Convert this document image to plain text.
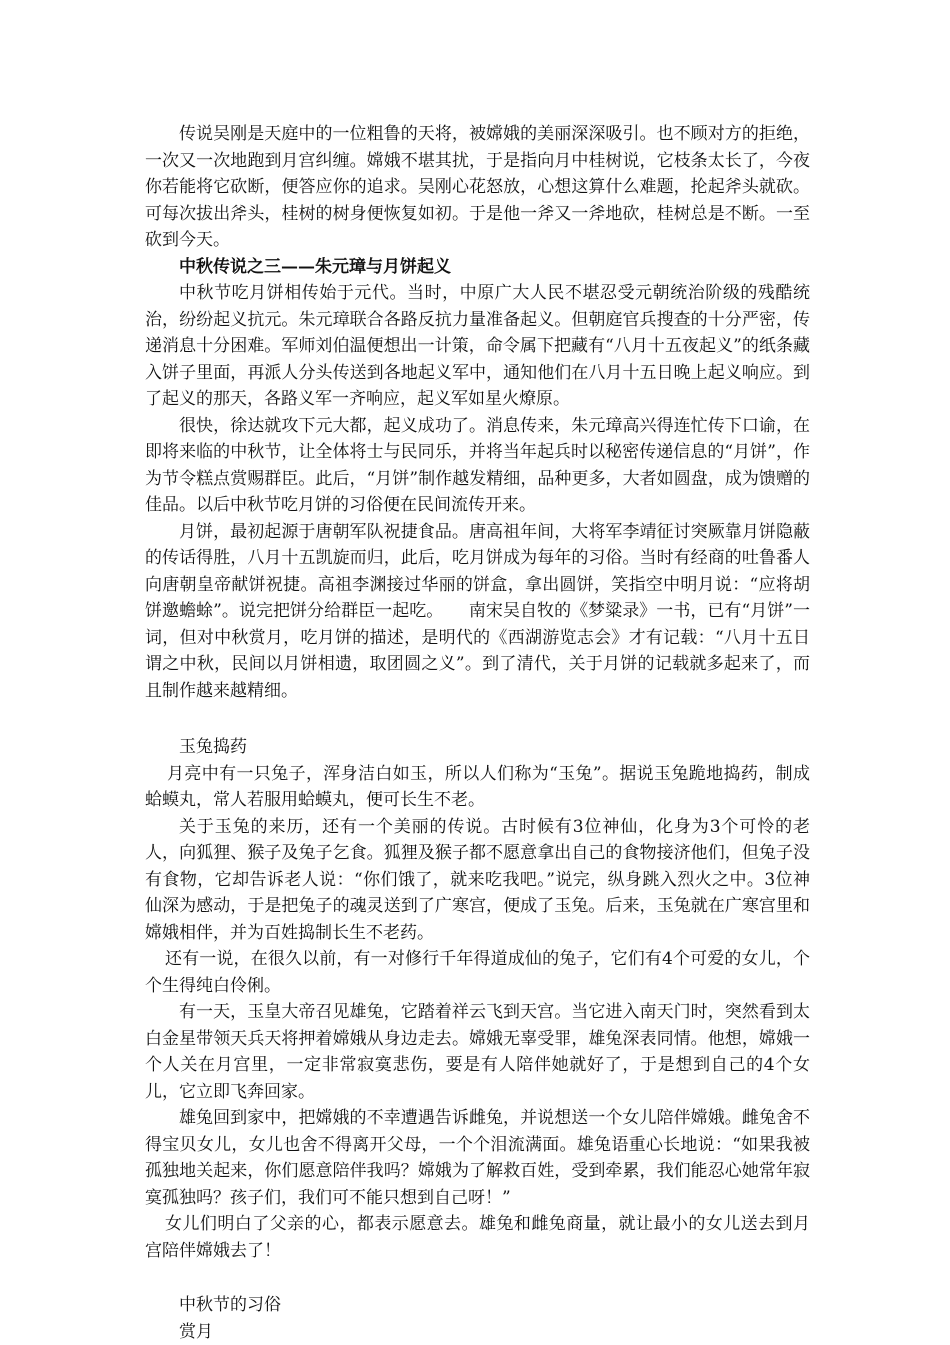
传说吴刚是天庭中的一位粗鲁的天将，被嫦娥的美丽深深吸引。也不顾对方的拒绝，一次又一次地跑到月宫纠缠。嫦娥不堪其扰，于是指向月中桂树说，它枝条太长了，今夜你若能将它砍断，便答应你的追求。吴刚心花怒放，心想这算什么难题，抡起斧头就砍。可每次拔出斧头，桂树的树身便恢复如初。于是他一斧又一斧地砍，桂树总是不断。一至砍到今天。

中秋传说之三——朱元璋与月饼起义

中秋节吃月饼相传始于元代。当时，中原广大人民不堪忍受元朝统治阶级的残酷统治，纷纷起义抗元。朱元璋联合各路反抗力量准备起义。但朝庭官兵搜查的十分严密，传递消息十分困难。军师刘伯温便想出一计策，命令属下把藏有“八月十五夜起义”的纸条藏入饼子里面，再派人分头传送到各地起义军中，通知他们在八月十五日晚上起义响应。到了起义的那天，各路义军一齐响应，起义军如星火燎原。

很快，徐达就攻下元大都，起义成功了。消息传来，朱元璋高兴得连忙传下口谕，在即将来临的中秋节，让全体将士与民同乐，并将当年起兵时以秘密传递信息的“月饼”，作为节令糕点赏赐群臣。此后，“月饼”制作越发精细，品种更多，大者如圆盘，成为馈赠的佳品。以后中秋节吃月饼的习俗便在民间流传开来。

月饼，最初起源于唐朝军队祝捷食品。唐高祖年间，大将军李靖征讨突厥靠月饼隐蔽的传话得胜，八月十五凯旋而归，此后，吃月饼成为每年的习俗。当时有经商的吐鲁番人向唐朝皇帝献饼祝捷。高祖李渊接过华丽的饼盒，拿出圆饼，笑指空中明月说：“应将胡饼邀蟾蜍”。说完把饼分给群臣一起吃。　　南宋吴自牧的《梦粱录》一书，已有“月饼”一词，但对中秋赏月，吃月饼的描述，是明代的《西湖游览志会》才有记载：“八月十五日谓之中秋，民间以月饼相遗，取团圆之义”。到了清代，关于月饼的记载就多起来了，而且制作越来越精细。

玉兔捣药

月亮中有一只兔子，浑身洁白如玉，所以人们称为“玉兔”。据说玉兔跪地捣药，制成蛤蟆丸，常人若服用蛤蟆丸，便可长生不老。

关于玉兔的来历，还有一个美丽的传说。古时候有3位神仙，化身为3个可怜的老人，向狐狸、猴子及兔子乞食。狐狸及猴子都不愿意拿出自己的食物接济他们，但兔子没有食物，它却告诉老人说：“你们饿了，就来吃我吧。”说完，纵身跳入烈火之中。3位神仙深为感动，于是把兔子的魂灵送到了广寒宫，便成了玉兔。后来，玉兔就在广寒宫里和嫦娥相伴，并为百姓捣制长生不老药。

还有一说，在很久以前，有一对修行千年得道成仙的兔子，它们有4个可爱的女儿，个个生得纯白伶俐。

有一天，玉皇大帝召见雄兔，它踏着祥云飞到天宫。当它进入南天门时，突然看到太白金星带领天兵天将押着嫦娥从身边走去。嫦娥无辜受罪，雄兔深表同情。他想，嫦娥一个人关在月宫里，一定非常寂寞悲伤，要是有人陪伴她就好了，于是想到自己的4个女儿，它立即飞奔回家。

雄兔回到家中，把嫦娥的不幸遭遇告诉雌兔，并说想送一个女儿陪伴嫦娥。雌兔舍不得宝贝女儿，女儿也舍不得离开父母，一个个泪流满面。雄兔语重心长地说：“如果我被孤独地关起来，你们愿意陪伴我吗？嫦娥为了解救百姓，受到牵累，我们能忍心她常年寂寞孤独吗？孩子们，我们可不能只想到自己呀！”

女儿们明白了父亲的心，都表示愿意去。雄兔和雌兔商量，就让最小的女儿送去到月宫陪伴嫦娥去了！

中秋节的习俗

赏月
